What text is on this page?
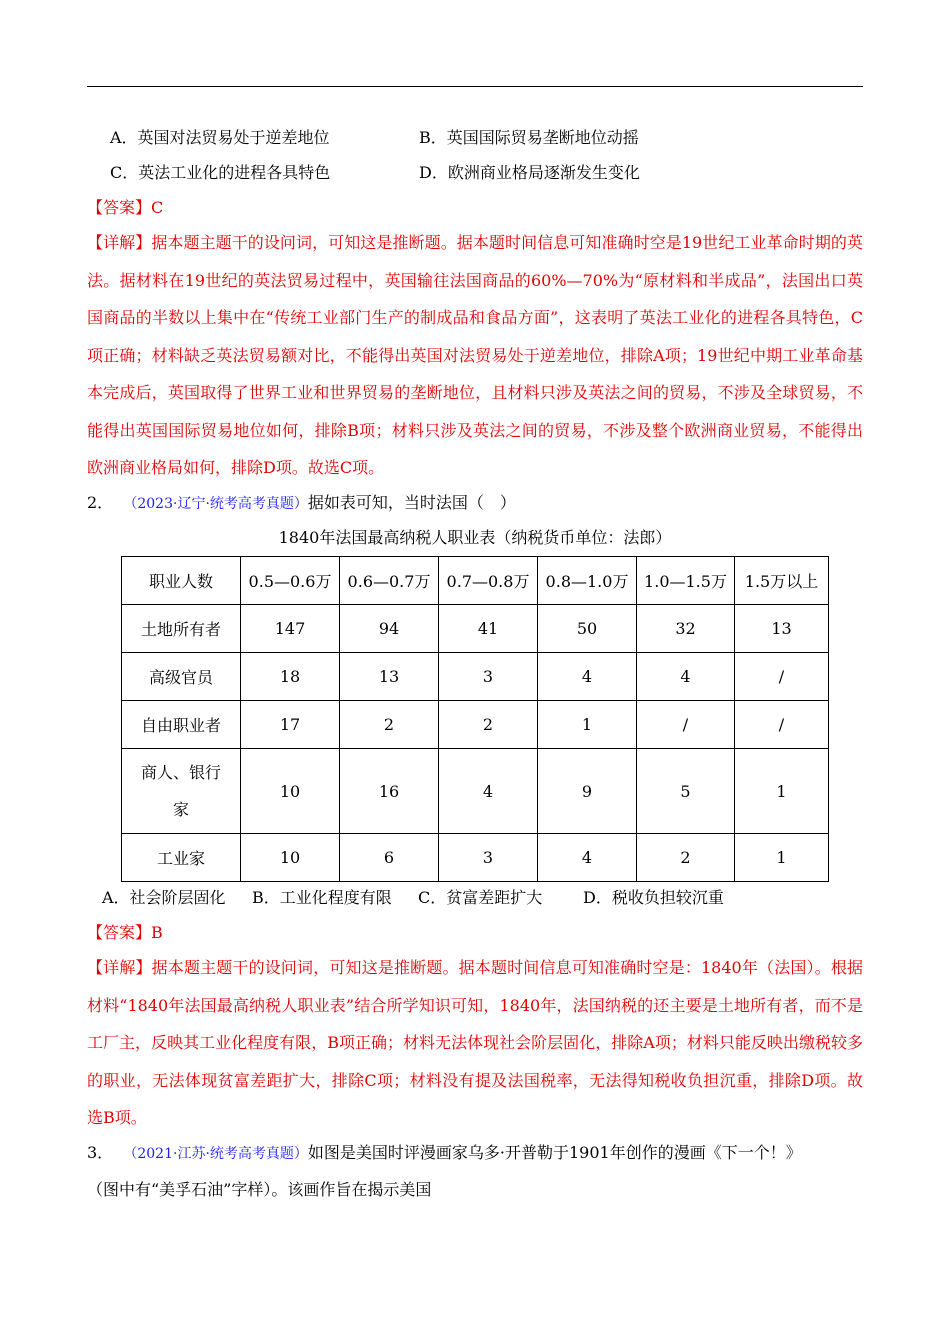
A．英国对法贸易处于逆差地位	B．英国国际贸易垄断地位动摇
C．英法工业化的进程各具特色	D．欧洲商业格局逐渐发生变化
【答案】C
【详解】据本题主题干的设问词，可知这是推断题。据本题时间信息可知准确时空是19世纪工业革命时期的英法。据材料在19世纪的英法贸易过程中，英国输往法国商品的60%—70%为“原材料和半成品”，法国出口英国商品的半数以上集中在“传统工业部门生产的制成品和食品方面”，这表明了英法工业化的进程各具特色，C项正确；材料缺乏英法贸易额对比，不能得出英国对法贸易处于逆差地位，排除A项；19世纪中期工业革命基本完成后，英国取得了世界工业和世界贸易的垄断地位，且材料只涉及英法之间的贸易，不涉及全球贸易，不能得出英国国际贸易地位如何，排除B项；材料只涉及英法之间的贸易，不涉及整个欧洲商业贸易，不能得出欧洲商业格局如何，排除D项。故选C项。
2． （2023·辽宁·统考高考真题）据如表可知，当时法国（　）
1840年法国最高纳税人职业表（纳税货币单位：法郎）
职业人数	0.5—0.6万	0.6—0.7万	0.7—0.8万	0.8—1.0万	1.0—1.5万	1.5万以上
土地所有者	147	94	41	50	32	13
高级官员	18	13	3	4	4	/
自由职业者	17	2	2	1	/	/
商人、银行家	10	16	4	9	5	1
工业家	10	6	3	4	2	1
A．社会阶层固化 B．工业化程度有限 C．贫富差距扩大	D．税收负担较沉重
【答案】B
【详解】据本题主题干的设问词，可知这是推断题。据本题时间信息可知准确时空是：1840年（法国）。根据材料“1840年法国最高纳税人职业表”结合所学知识可知，1840年，法国纳税的还主要是土地所有者，而不是工厂主，反映其工业化程度有限，B项正确；材料无法体现社会阶层固化，排除A项；材料只能反映出缴税较多的职业，无法体现贫富差距扩大，排除C项；材料没有提及法国税率，无法得知税收负担沉重，排除D项。故选B项。
3． （2021·江苏·统考高考真题）如图是美国时评漫画家乌多·开普勒于1901年创作的漫画《下一个！》
（图中有“美孚石油”字样）。该画作旨在揭示美国
